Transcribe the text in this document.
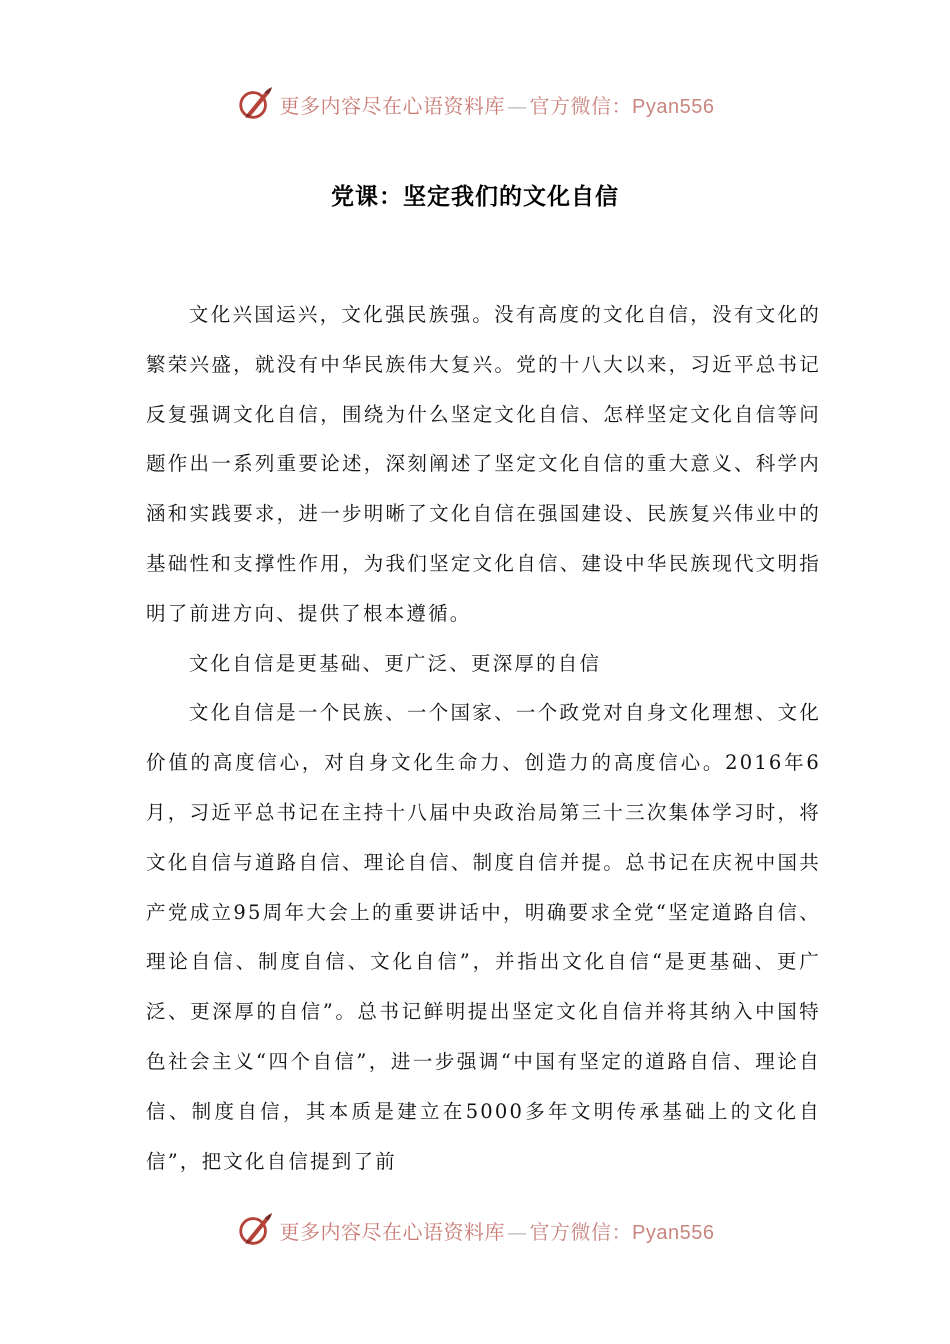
更多内容尽在心语资料库 — 官方微信：Pyan556
党课：坚定我们的文化自信

文化兴国运兴，文化强民族强。没有高度的文化自信，没有文化的繁荣兴盛，就没有中华民族伟大复兴。党的十八大以来，习近平总书记反复强调文化自信，围绕为什么坚定文化自信、怎样坚定文化自信等问题作出一系列重要论述，深刻阐述了坚定文化自信的重大意义、科学内涵和实践要求，进一步明晰了文化自信在强国建设、民族复兴伟业中的基础性和支撑性作用，为我们坚定文化自信、建设中华民族现代文明指明了前进方向、提供了根本遵循。

文化自信是更基础、更广泛、更深厚的自信

文化自信是一个民族、一个国家、一个政党对自身文化理想、文化价值的高度信心，对自身文化生命力、创造力的高度信心。2016年6月，习近平总书记在主持十八届中央政治局第三十三次集体学习时，将文化自信与道路自信、理论自信、制度自信并提。总书记在庆祝中国共产党成立95周年大会上的重要讲话中，明确要求全党“坚定道路自信、理论自信、制度自信、文化自信”，并指出文化自信“是更基础、更广泛、更深厚的自信”。总书记鲜明提出坚定文化自信并将其纳入中国特色社会主义“四个自信”，进一步强调“中国有坚定的道路自信、理论自信、制度自信，其本质是建立在5000多年文明传承基础上的文化自信”，把文化自信提到了前

更多内容尽在心语资料库 — 官方微信：Pyan556
